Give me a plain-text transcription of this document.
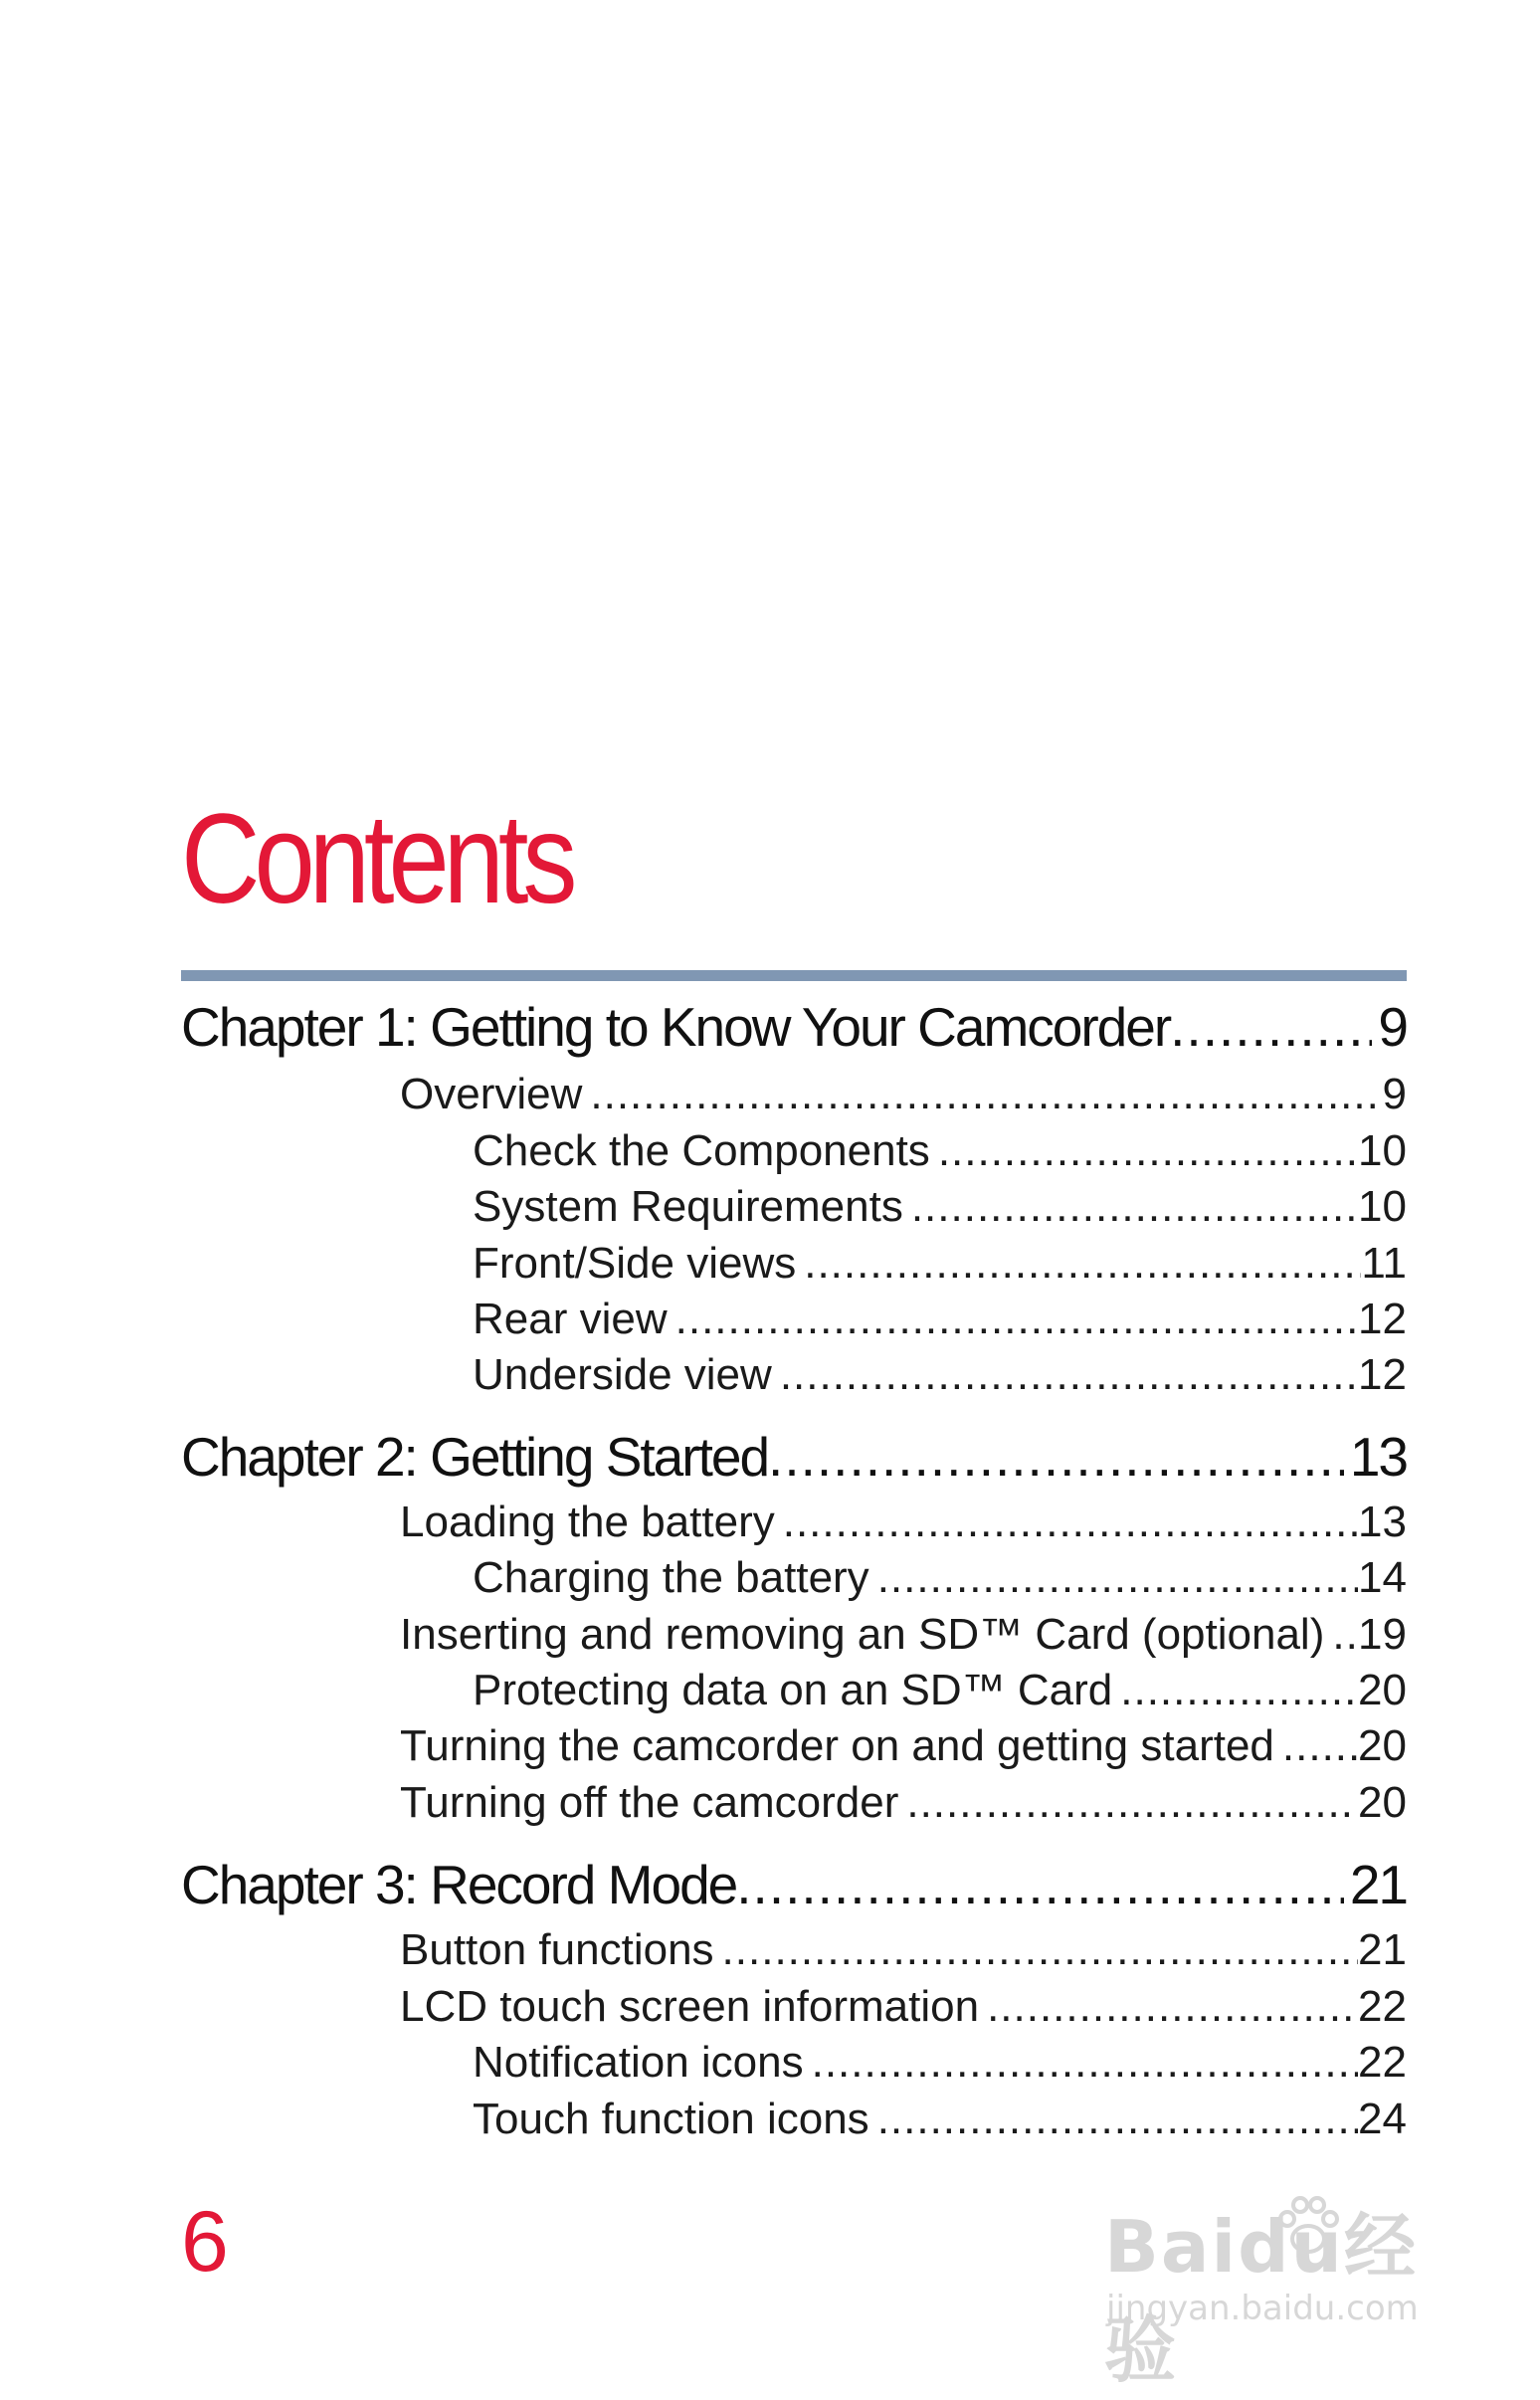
Contents
Chapter 1: Getting to Know Your Camcorder .....	9
Overview .....	9
Check the Components .....	10
System Requirements .....	10
Front/Side views .....	11
Rear view .....	12
Underside view .....	12
Chapter 2: Getting Started .....	13
Loading the battery .....	13
Charging the battery .....	14
Inserting and removing an SD™ Card (optional) ..... 19
Protecting data on an SD™ Card .....	20
Turning the camcorder on and getting started ..... 20
Turning off the camcorder .....	20
Chapter 3: Record Mode .....	21
Button functions .....	21
LCD touch screen information .....	22
Notification icons .....	22
Touch function icons .....	24
6	Baidu经验
jingyan.baidu.com
